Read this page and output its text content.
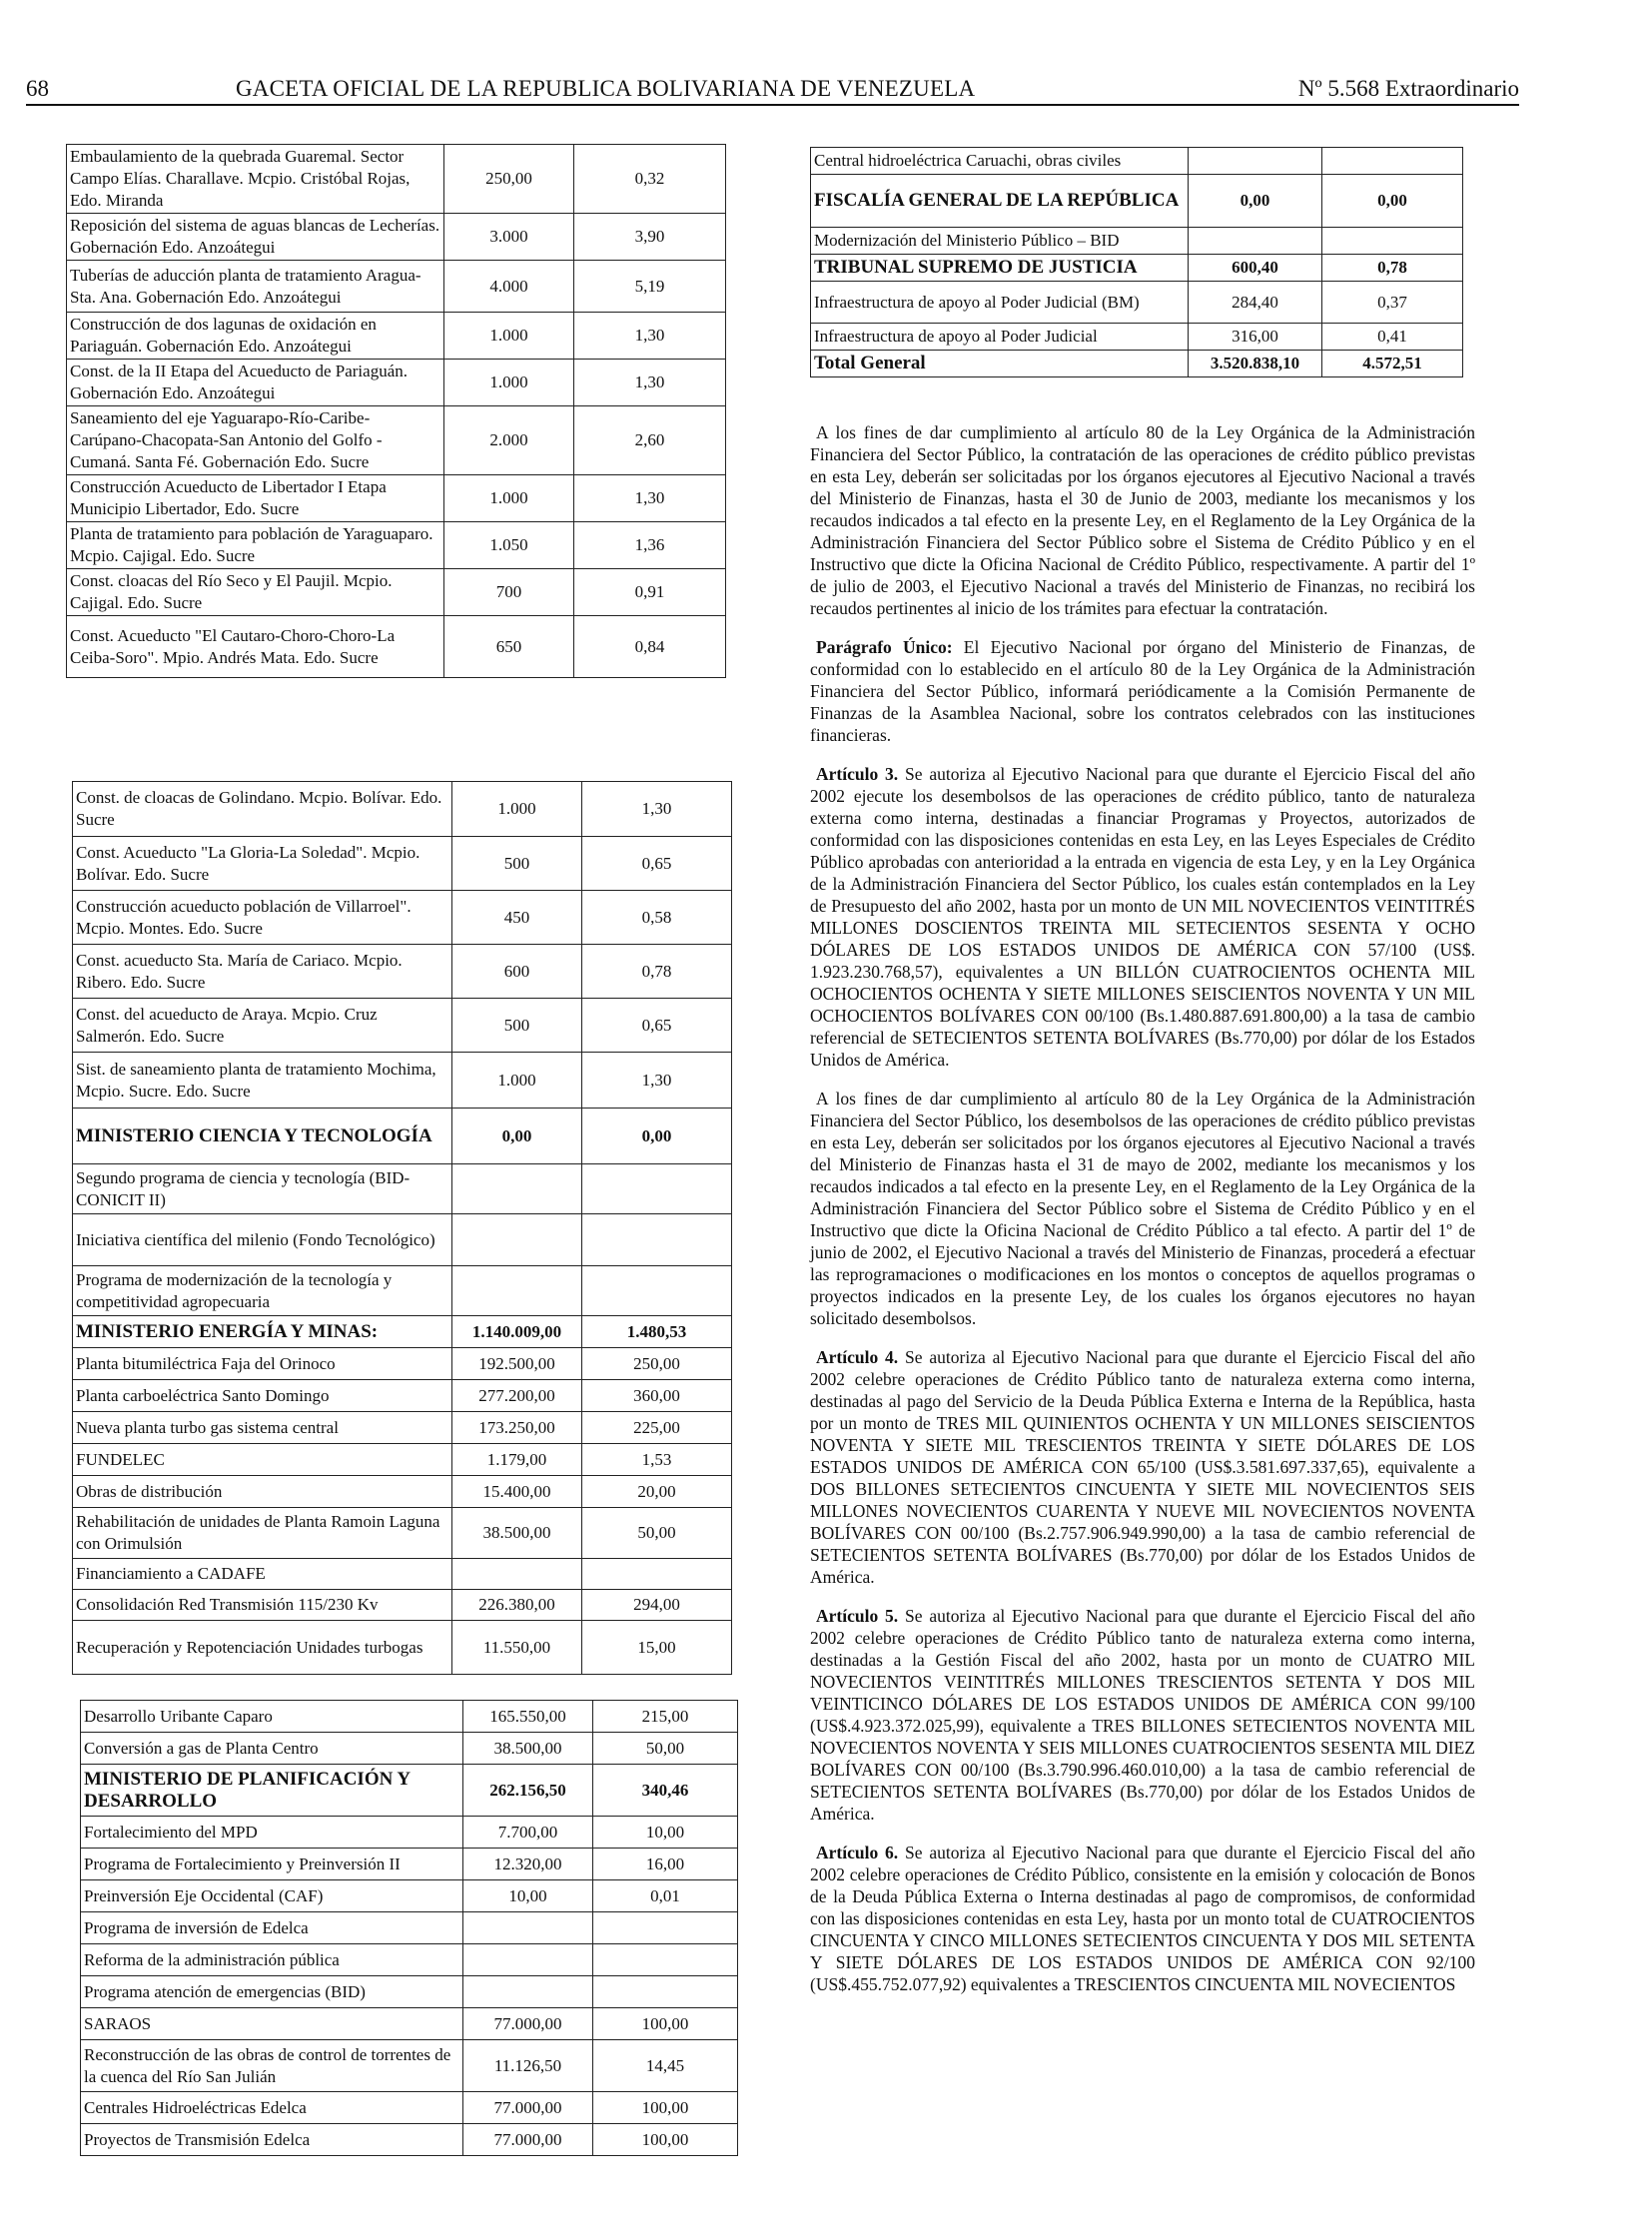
68	GACETA OFICIAL DE LA REPUBLICA BOLIVARIANA DE VENEZUELA	Nº 5.568 Extraordinario
Embaulamiento de la quebrada Guaremal. Sector Campo Elías. Charallave. Mcpio. Cristóbal Rojas, Edo. Miranda	250,00	0,32
Reposición del sistema de aguas blancas de Lecherías. Gobernación Edo. Anzoátegui	3.000	3,90
Tuberías de aducción planta de tratamiento Aragua- Sta. Ana. Gobernación Edo. Anzoátegui	4.000	5,19
Construcción de dos lagunas de oxidación en Pariaguán. Gobernación Edo. Anzoátegui	1.000	1,30
Const. de la II Etapa del Acueducto de Pariaguán. Gobernación Edo. Anzoátegui	1.000	1,30
Saneamiento del eje Yaguarapo-Río-Caribe-Carúpano-Chacopata-San Antonio del Golfo - Cumaná. Santa Fé. Gobernación Edo. Sucre	2.000	2,60
Construcción Acueducto de Libertador I Etapa Municipio Libertador, Edo. Sucre	1.000	1,30
Planta de tratamiento para población de Yaraguaparo. Mcpio. Cajigal. Edo. Sucre	1.050	1,36
Const. cloacas del Río Seco y El Paujil. Mcpio. Cajigal. Edo. Sucre	700	0,91
Const. Acueducto "El Cautaro-Choro-Choro-La Ceiba-Soro". Mpio. Andrés Mata. Edo. Sucre	650	0,84
Const. de cloacas de Golindano. Mcpio. Bolívar. Edo. Sucre	1.000	1,30
Const. Acueducto "La Gloria-La Soledad". Mcpio. Bolívar. Edo. Sucre	500	0,65
Construcción acueducto población de Villarroel". Mcpio. Montes. Edo. Sucre	450	0,58
Const. acueducto Sta. María de Cariaco. Mcpio. Ribero. Edo. Sucre	600	0,78
Const. del acueducto de Araya. Mcpio. Cruz Salmerón. Edo. Sucre	500	0,65
Sist. de saneamiento planta de tratamiento Mochima, Mcpio. Sucre. Edo. Sucre	1.000	1,30
MINISTERIO CIENCIA Y TECNOLOGÍA	0,00	0,00
Segundo programa de ciencia y tecnología (BID-CONICIT II)		
Iniciativa científica del milenio (Fondo Tecnológico)		
Programa de modernización de la tecnología y competitividad agropecuaria		
MINISTERIO ENERGÍA Y MINAS:	1.140.009,00	1.480,53
Planta bitumiléctrica Faja del Orinoco	192.500,00	250,00
Planta carboeléctrica Santo Domingo	277.200,00	360,00
Nueva planta turbo gas sistema central	173.250,00	225,00
FUNDELEC	1.179,00	1,53
Obras de distribución	15.400,00	20,00
Rehabilitación de unidades de Planta Ramoin Laguna con Orimulsión	38.500,00	50,00
Financiamiento a CADAFE		
Consolidación Red Transmisión 115/230 Kv	226.380,00	294,00
Recuperación y Repotenciación Unidades turbogas	11.550,00	15,00
Desarrollo Uribante Caparo	165.550,00	215,00
Conversión a gas de Planta Centro	38.500,00	50,00
MINISTERIO DE PLANIFICACIÓN Y DESARROLLO	262.156,50	340,46
Fortalecimiento del MPD	7.700,00	10,00
Programa de Fortalecimiento y Preinversión II	12.320,00	16,00
Preinversión Eje Occidental (CAF)	10,00	0,01
Programa de inversión de Edelca		
Reforma de la administración pública		
Programa atención de emergencias (BID)		
SARAOS	77.000,00	100,00
Reconstrucción de las obras de control de torrentes de la cuenca del Río San Julián	11.126,50	14,45
Centrales Hidroeléctricas Edelca	77.000,00	100,00
Proyectos de Transmisión Edelca	77.000,00	100,00
Central hidroeléctrica Caruachi, obras civiles		
FISCALÍA GENERAL DE LA REPÚBLICA	0,00	0,00
Modernización del Ministerio Público – BID		
TRIBUNAL SUPREMO DE JUSTICIA	600,40	0,78
Infraestructura de apoyo al Poder Judicial (BM)	284,40	0,37
Infraestructura de apoyo al Poder Judicial	316,00	0,41
Total General	3.520.838,10	4.572,51

A los fines de dar cumplimiento al artículo 80 de la Ley Orgánica de la Administración Financiera del Sector Público, la contratación de las operaciones de crédito público previstas en esta Ley, deberán ser solicitadas por los órganos ejecutores al Ejecutivo Nacional a través del Ministerio de Finanzas, hasta el 30 de Junio de 2003, mediante los mecanismos y los recaudos indicados a tal efecto en la presente Ley, en el Reglamento de la Ley Orgánica de la Administración Financiera del Sector Público sobre el Sistema de Crédito Público y en el Instructivo que dicte la Oficina Nacional de Crédito Público, respectivamente. A partir del 1º de julio de 2003, el Ejecutivo Nacional a través del Ministerio de Finanzas, no recibirá los recaudos pertinentes al inicio de los trámites para efectuar la contratación.

Parágrafo Único: El Ejecutivo Nacional por órgano del Ministerio de Finanzas, de conformidad con lo establecido en el artículo 80 de la Ley Orgánica de la Administración Financiera del Sector Público, informará periódicamente a la Comisión Permanente de Finanzas de la Asamblea Nacional, sobre los contratos celebrados con las instituciones financieras.

Artículo 3. Se autoriza al Ejecutivo Nacional para que durante el Ejercicio Fiscal del año 2002 ejecute los desembolsos de las operaciones de crédito público, tanto de naturaleza externa como interna, destinadas a financiar Programas y Proyectos, autorizados de conformidad con las disposiciones contenidas en esta Ley, en las Leyes Especiales de Crédito Público aprobadas con anterioridad a la entrada en vigencia de esta Ley, y en la Ley Orgánica de la Administración Financiera del Sector Público, los cuales están contemplados en la Ley de Presupuesto del año 2002, hasta por un monto de UN MIL NOVECIENTOS VEINTITRÉS MILLONES DOSCIENTOS TREINTA MIL SETECIENTOS SESENTA Y OCHO DÓLARES DE LOS ESTADOS UNIDOS DE AMÉRICA CON 57/100 (US$. 1.923.230.768,57), equivalentes a UN BILLÓN CUATROCIENTOS OCHENTA MIL OCHOCIENTOS OCHENTA Y SIETE MILLONES SEISCIENTOS NOVENTA Y UN MIL OCHOCIENTOS BOLÍVARES CON 00/100 (Bs.1.480.887.691.800,00) a la tasa de cambio referencial de SETECIENTOS SETENTA BOLÍVARES (Bs.770,00) por dólar de los Estados Unidos de América.

A los fines de dar cumplimiento al artículo 80 de la Ley Orgánica de la Administración Financiera del Sector Público, los desembolsos de las operaciones de crédito público previstas en esta Ley, deberán ser solicitados por los órganos ejecutores al Ejecutivo Nacional a través del Ministerio de Finanzas hasta el 31 de mayo de 2002, mediante los mecanismos y los recaudos indicados a tal efecto en la presente Ley, en el Reglamento de la Ley Orgánica de la Administración Financiera del Sector Público sobre el Sistema de Crédito Público y en el Instructivo que dicte la Oficina Nacional de Crédito Público a tal efecto. A partir del 1º de junio de 2002, el Ejecutivo Nacional a través del Ministerio de Finanzas, procederá a efectuar las reprogramaciones o modificaciones en los montos o conceptos de aquellos programas o proyectos indicados en la presente Ley, de los cuales los órganos ejecutores no hayan solicitado desembolsos.

Artículo 4. Se autoriza al Ejecutivo Nacional para que durante el Ejercicio Fiscal del año 2002 celebre operaciones de Crédito Público tanto de naturaleza externa como interna, destinadas al pago del Servicio de la Deuda Pública Externa e Interna de la República, hasta por un monto de TRES MIL QUINIENTOS OCHENTA Y UN MILLONES SEISCIENTOS NOVENTA Y SIETE MIL TRESCIENTOS TREINTA Y SIETE DÓLARES DE LOS ESTADOS UNIDOS DE AMÉRICA CON 65/100 (US$.3.581.697.337,65), equivalente a DOS BILLONES SETECIENTOS CINCUENTA Y SIETE MIL NOVECIENTOS SEIS MILLONES NOVECIENTOS CUARENTA Y NUEVE MIL NOVECIENTOS NOVENTA BOLÍVARES CON 00/100 (Bs.2.757.906.949.990,00) a la tasa de cambio referencial de SETECIENTOS SETENTA BOLÍVARES (Bs.770,00) por dólar de los Estados Unidos de América.

Artículo 5. Se autoriza al Ejecutivo Nacional para que durante el Ejercicio Fiscal del año 2002 celebre operaciones de Crédito Público tanto de naturaleza externa como interna, destinadas a la Gestión Fiscal del año 2002, hasta por un monto de CUATRO MIL NOVECIENTOS VEINTITRÉS MILLONES TRESCIENTOS SETENTA Y DOS MIL VEINTICINCO DÓLARES DE LOS ESTADOS UNIDOS DE AMÉRICA CON 99/100 (US$.4.923.372.025,99), equivalente a TRES BILLONES SETECIENTOS NOVENTA MIL NOVECIENTOS NOVENTA Y SEIS MILLONES CUATROCIENTOS SESENTA MIL DIEZ BOLÍVARES CON 00/100 (Bs.3.790.996.460.010,00) a la tasa de cambio referencial de SETECIENTOS SETENTA BOLÍVARES (Bs.770,00) por dólar de los Estados Unidos de América.

Artículo 6. Se autoriza al Ejecutivo Nacional para que durante el Ejercicio Fiscal del año 2002 celebre operaciones de Crédito Público, consistente en la emisión y colocación de Bonos de la Deuda Pública Externa o Interna destinadas al pago de compromisos, de conformidad con las disposiciones contenidas en esta Ley, hasta por un monto total de CUATROCIENTOS CINCUENTA Y CINCO MILLONES SETECIENTOS CINCUENTA Y DOS MIL SETENTA Y SIETE DÓLARES DE LOS ESTADOS UNIDOS DE AMÉRICA CON 92/100 (US$.455.752.077,92) equivalentes a TRESCIENTOS CINCUENTA MIL NOVECIENTOS
